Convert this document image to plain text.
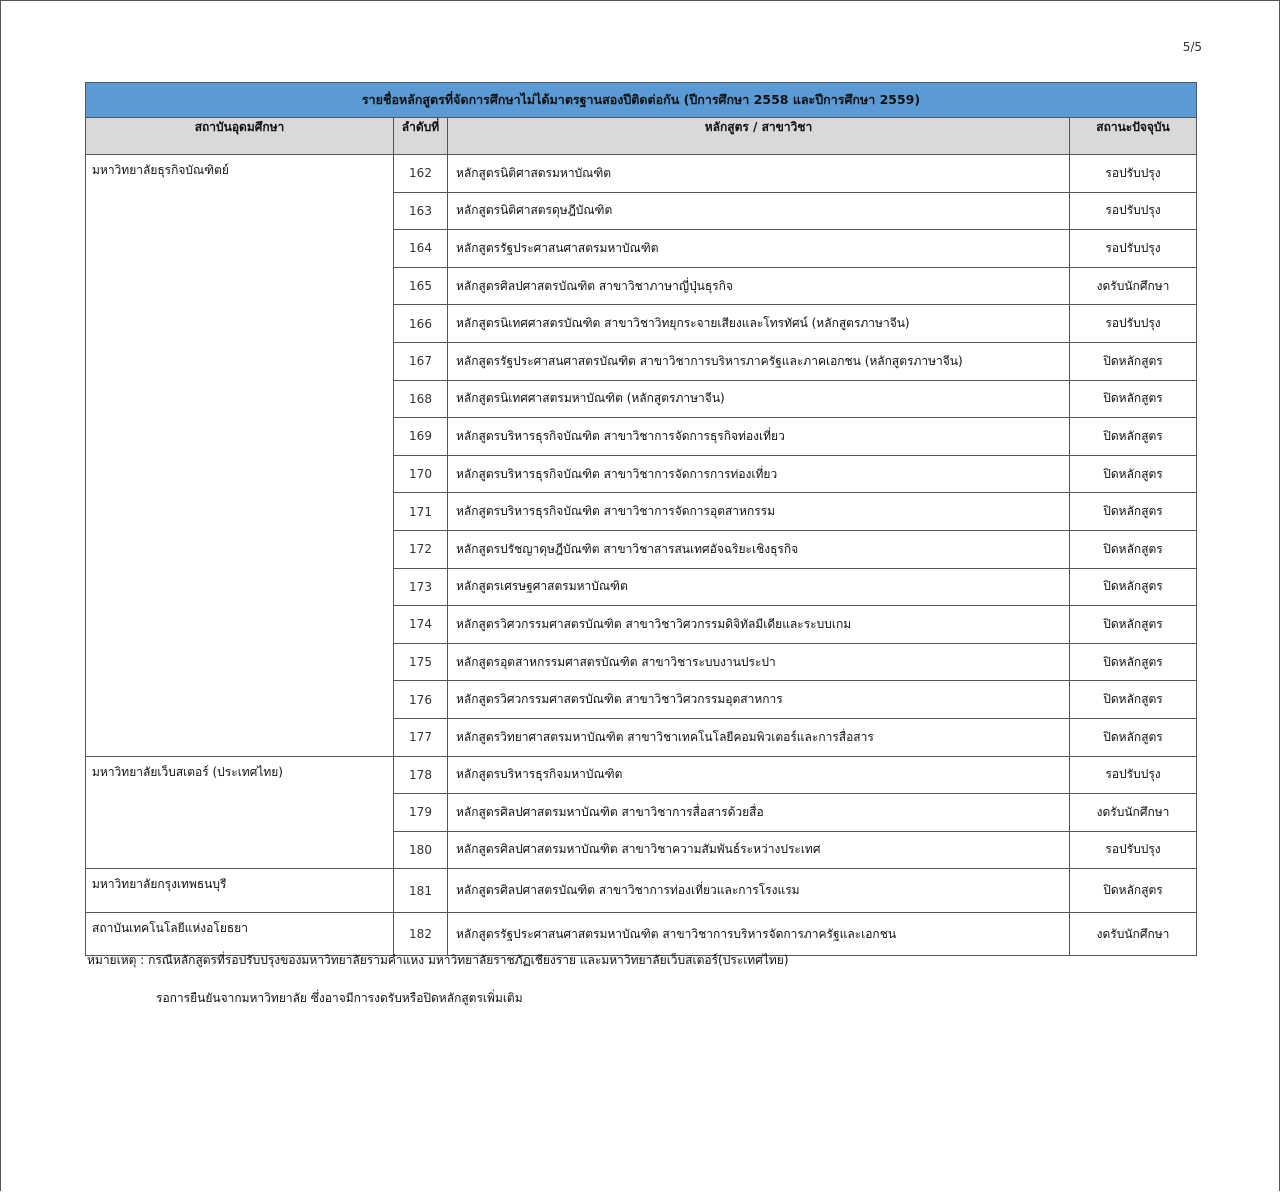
5/5
รายชื่อหลักสูตรที่จัดการศึกษาไม่ได้มาตรฐานสองปีติดต่อกัน (ปีการศึกษา 2558 และปีการศึกษา 2559)			
สถาบันอุดมศึกษา	ลำดับที่	หลักสูตร / สาขาวิชา	สถานะปัจจุบัน
มหาวิทยาลัยธุรกิจบัณฑิตย์	162	หลักสูตรนิติศาสตรมหาบัณฑิต	รอปรับปรุง
	163	หลักสูตรนิติศาสตรดุษฎีบัณฑิต	รอปรับปรุง
	164	หลักสูตรรัฐประศาสนศาสตรมหาบัณฑิต	รอปรับปรุง
	165	หลักสูตรศิลปศาสตรบัณฑิต สาขาวิชาภาษาญี่ปุ่นธุรกิจ	งดรับนักศึกษา
	166	หลักสูตรนิเทศศาสตรบัณฑิต สาขาวิชาวิทยุกระจายเสียงและโทรทัศน์ (หลักสูตรภาษาจีน)	รอปรับปรุง
	167	หลักสูตรรัฐประศาสนศาสตรบัณฑิต สาขาวิชาการบริหารภาครัฐและภาคเอกชน (หลักสูตรภาษาจีน)	ปิดหลักสูตร
	168	หลักสูตรนิเทศศาสตรมหาบัณฑิต (หลักสูตรภาษาจีน)	ปิดหลักสูตร
	169	หลักสูตรบริหารธุรกิจบัณฑิต สาขาวิชาการจัดการธุรกิจท่องเที่ยว	ปิดหลักสูตร
	170	หลักสูตรบริหารธุรกิจบัณฑิต สาขาวิชาการจัดการการท่องเที่ยว	ปิดหลักสูตร
	171	หลักสูตรบริหารธุรกิจบัณฑิต สาขาวิชาการจัดการอุตสาหกรรม	ปิดหลักสูตร
	172	หลักสูตรปรัชญาดุษฎีบัณฑิต สาขาวิชาสารสนเทศอัจฉริยะเชิงธุรกิจ	ปิดหลักสูตร
	173	หลักสูตรเศรษฐศาสตรมหาบัณฑิต	ปิดหลักสูตร
	174	หลักสูตรวิศวกรรมศาสตรบัณฑิต สาขาวิชาวิศวกรรมดิจิทัลมีเดียและระบบเกม	ปิดหลักสูตร
	175	หลักสูตรอุตสาหกรรมศาสตรบัณฑิต สาขาวิชาระบบงานประปา	ปิดหลักสูตร
	176	หลักสูตรวิศวกรรมศาสตรบัณฑิต สาขาวิชาวิศวกรรมอุตสาหการ	ปิดหลักสูตร
	177	หลักสูตรวิทยาศาสตรมหาบัณฑิต สาขาวิชาเทคโนโลยีคอมพิวเตอร์และการสื่อสาร	ปิดหลักสูตร
มหาวิทยาลัยเว็บสเตอร์ (ประเทศไทย)	178	หลักสูตรบริหารธุรกิจมหาบัณฑิต	รอปรับปรุง
	179	หลักสูตรศิลปศาสตรมหาบัณฑิต สาขาวิชาการสื่อสารด้วยสื่อ	งดรับนักศึกษา
	180	หลักสูตรศิลปศาสตรมหาบัณฑิต สาขาวิชาความสัมพันธ์ระหว่างประเทศ	รอปรับปรุง
มหาวิทยาลัยกรุงเทพธนบุรี	181	หลักสูตรศิลปศาสตรบัณฑิต สาขาวิชาการท่องเที่ยวและการโรงแรม	ปิดหลักสูตร
สถาบันเทคโนโลยีแห่งอโยธยา	182	หลักสูตรรัฐประศาสนศาสตรมหาบัณฑิต สาขาวิชาการบริหารจัดการภาครัฐและเอกชน	งดรับนักศึกษา
หมายเหตุ : กรณีหลักสูตรที่รอปรับปรุงของมหาวิทยาลัยรามคำแหง มหาวิทยาลัยราชภัฏเชียงราย และมหาวิทยาลัยเว็บสเตอร์(ประเทศไทย)
รอการยืนยันจากมหาวิทยาลัย ซึ่งอาจมีการงดรับหรือปิดหลักสูตรเพิ่มเติม
